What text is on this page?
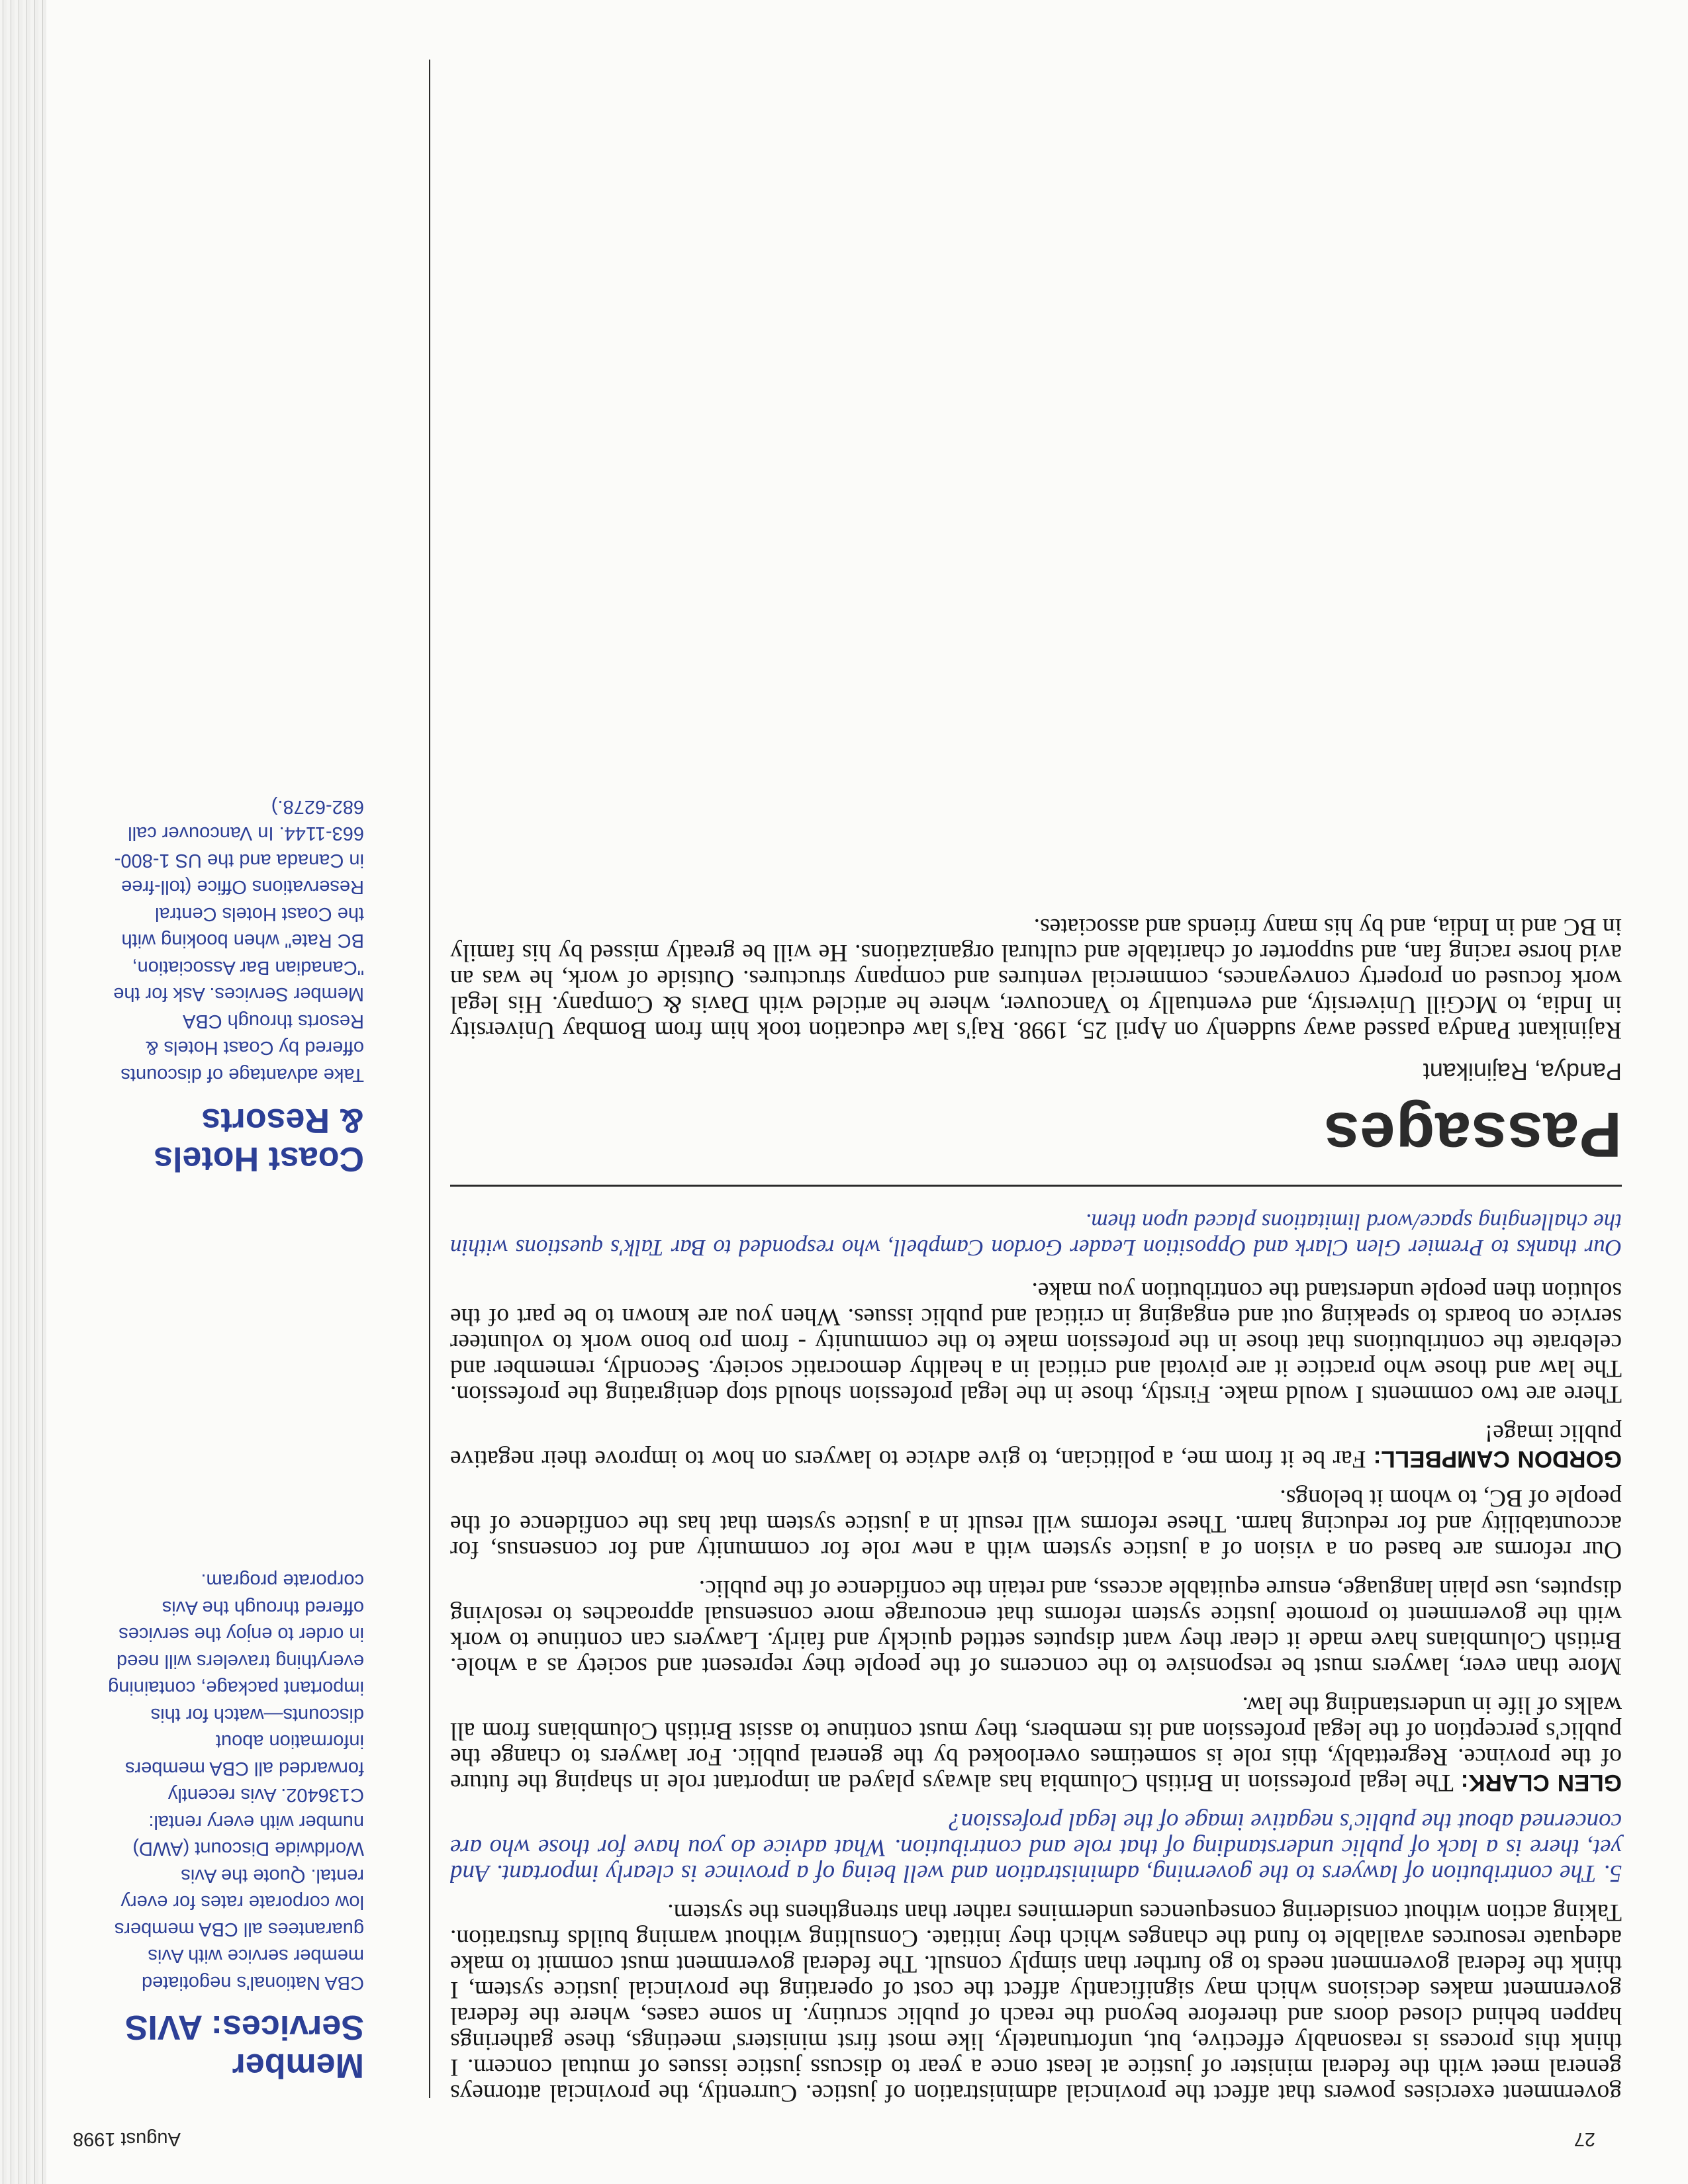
27
August 1998

Member Services: AVIS

CBA National's negotiated
member service with Avis
guarantees all CBA members
low corporate rates for every
rental. Quote the Avis
Worldwide Discount (AWD)
number with every rental:
C136402. Avis recently
forwarded all CBA members
information about
discounts—watch for this
important package, containing
everything travelers will need
in order to enjoy the services
offered through the Avis
corporate program.

Coast Hotels & Resorts

Take advantage of discounts
offered by Coast Hotels &
Resorts through CBA
Member Services. Ask for the
"Canadian Bar Association,
BC Rate" when booking with
the Coast Hotels Central
Reservations Office (toll-free
in Canada and the US 1-800-
663-1144. In Vancouver call
682-6278.)

government exercises powers that affect the provincial administration of justice. Currently, the provincial attorneys general meet with the federal minister of justice at least once a year to discuss justice issues of mutual concern. I think this process is reasonably effective, but, unfortunately, like most first ministers' meetings, these gatherings happen behind closed doors and therefore beyond the reach of public scrutiny. In some cases, where the federal government makes decisions which may significantly affect the cost of operating the provincial justice system, I think the federal government needs to go further than simply consult. The federal government must commit to make adequate resources available to fund the changes which they initiate. Consulting without warning builds frustration. Taking action without considering consequences undermines rather than strengthens the system.

5. The contribution of lawyers to the governing, administration and well being of a province is clearly important. And yet, there is a lack of public understanding of that role and contribution. What advice do you have for those who are concerned about the public's negative image of the legal profession?

GLEN CLARK: The legal profession in British Columbia has always played an important role in shaping the future of the province. Regrettably, this role is sometimes overlooked by the general public. For lawyers to change the public's perception of the legal profession and its members, they must continue to assist British Columbians from all walks of life in understanding the law.

More than ever, lawyers must be responsive to the concerns of the people they represent and society as a whole. British Columbians have made it clear they want disputes settled quickly and fairly. Lawyers can continue to work with the government to promote justice system reforms that encourage more consensual approaches to resolving disputes, use plain language, ensure equitable access, and retain the confidence of the public.

Our reforms are based on a vision of a justice system with a new role for community and for consensus, for accountability and for reducing harm. These reforms will result in a justice system that has the confidence of the people of BC, to whom it belongs.

GORDON CAMPBELL: Far be it from me, a politician, to give advice to lawyers on how to improve their negative public image!

There are two comments I would make. Firstly, those in the legal profession should stop denigrating the profession. The law and those who practice it are pivotal and critical in a healthy democratic society. Secondly, remember and celebrate the contributions that those in the profession make to the community - from pro bono work to volunteer service on boards to speaking out and engaging in critical and public issues. When you are known to be part of the solution then people understand the contribution you make.

Our thanks to Premier Glen Clark and Opposition Leader Gordon Campbell, who responded to Bar Talk's questions within the challenging space/word limitations placed upon them.

Passages

Pandya, Rajinikant

Rajinikant Pandya passed away suddenly on April 25, 1998. Raj's law education took him from Bombay University in India, to McGill University, and eventually to Vancouver, where he articled with Davis & Company. His legal work focused on property conveyances, commercial ventures and company structures. Outside of work, he was an avid horse racing fan, and supporter of charitable and cultural organizations. He will be greatly missed by his family in BC and in India, and by his many friends and associates.
